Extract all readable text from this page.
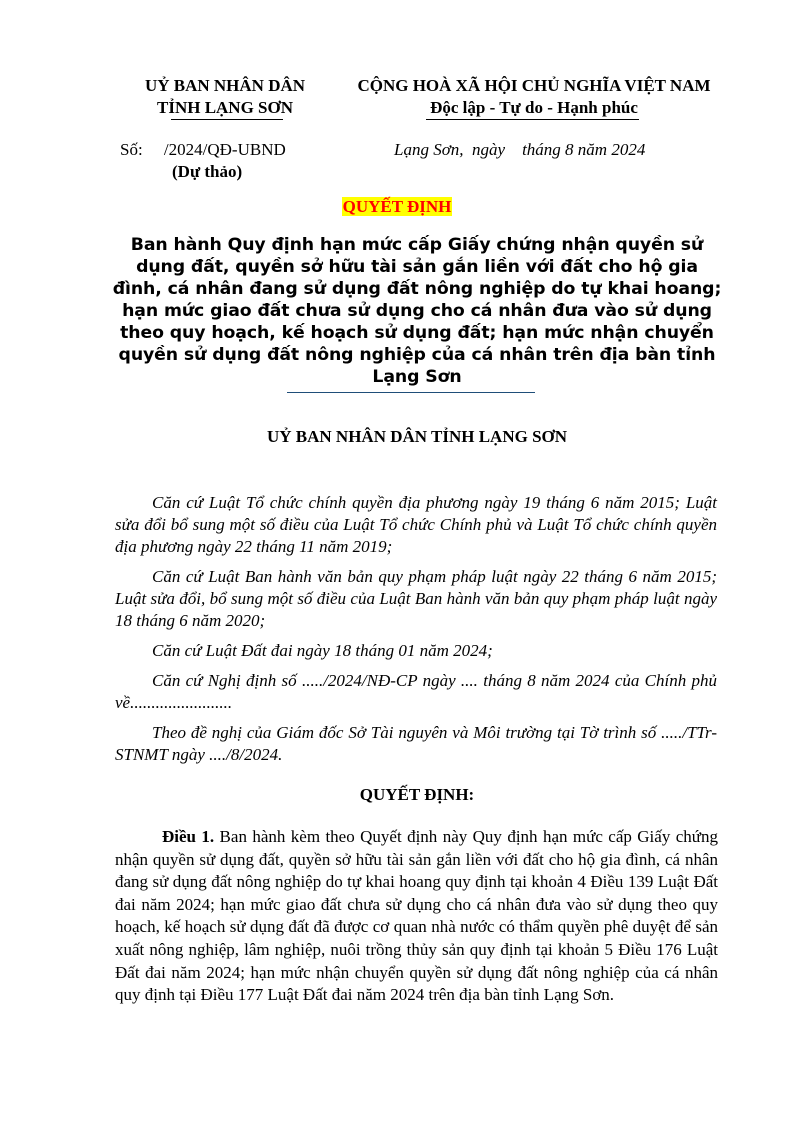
UỶ BAN NHÂN DÂN
TỈNH LẠNG SƠN
CỘNG HOÀ XÃ HỘI CHỦ NGHĨA VIỆT NAM
Độc lập - Tự do - Hạnh phúc
Số:     /2024/QĐ-UBND
(Dự thảo)
Lạng Sơn,  ngày    tháng 8 năm 2024
QUYẾT ĐỊNH
Ban hành Quy định hạn mức cấp Giấy chứng nhận quyền sử dụng đất, quyền sở hữu tài sản gắn liền với đất cho hộ gia đình, cá nhân đang sử dụng đất nông nghiệp do tự khai hoang; hạn mức giao đất chưa sử dụng cho cá nhân đưa vào sử dụng theo quy hoạch, kế hoạch sử dụng đất; hạn mức nhận chuyển quyền sử dụng đất nông nghiệp của cá nhân trên địa bàn tỉnh Lạng Sơn
UỶ BAN NHÂN DÂN TỈNH LẠNG SƠN

Căn cứ Luật Tổ chức chính quyền địa phương ngày 19 tháng 6 năm 2015; Luật sửa đổi bổ sung một số điều của Luật Tổ chức Chính phủ và Luật Tổ chức chính quyền địa phương ngày 22 tháng 11 năm 2019;

Căn cứ Luật Ban hành văn bản quy phạm pháp luật ngày 22 tháng 6 năm 2015; Luật sửa đổi, bổ sung một số điều của Luật Ban hành văn bản quy phạm pháp luật ngày 18 tháng 6 năm 2020;

Căn cứ Luật Đất đai ngày 18 tháng 01 năm 2024;

Căn cứ Nghị định số ...../2024/NĐ-CP ngày .... tháng 8 năm 2024 của Chính phủ về........................

Theo đề nghị của Giám đốc Sở Tài nguyên và Môi trường tại Tờ trình số ...../TTr-STNMT ngày ..../8/2024.

QUYẾT ĐỊNH:

Điều 1. Ban hành kèm theo Quyết định này Quy định hạn mức cấp Giấy chứng nhận quyền sử dụng đất, quyền sở hữu tài sản gắn liền với đất cho hộ gia đình, cá nhân đang sử dụng đất nông nghiệp do tự khai hoang quy định tại khoản 4 Điều 139 Luật Đất đai năm 2024; hạn mức giao đất chưa sử dụng cho cá nhân đưa vào sử dụng theo quy hoạch, kế hoạch sử dụng đất đã được cơ quan nhà nước có thẩm quyền phê duyệt để sản xuất nông nghiệp, lâm nghiệp, nuôi trồng thủy sản quy định tại khoản 5 Điều 176 Luật Đất đai năm 2024; hạn mức nhận chuyển quyền sử dụng đất nông nghiệp của cá nhân quy định tại Điều 177 Luật Đất đai năm 2024 trên địa bàn tỉnh Lạng Sơn.
